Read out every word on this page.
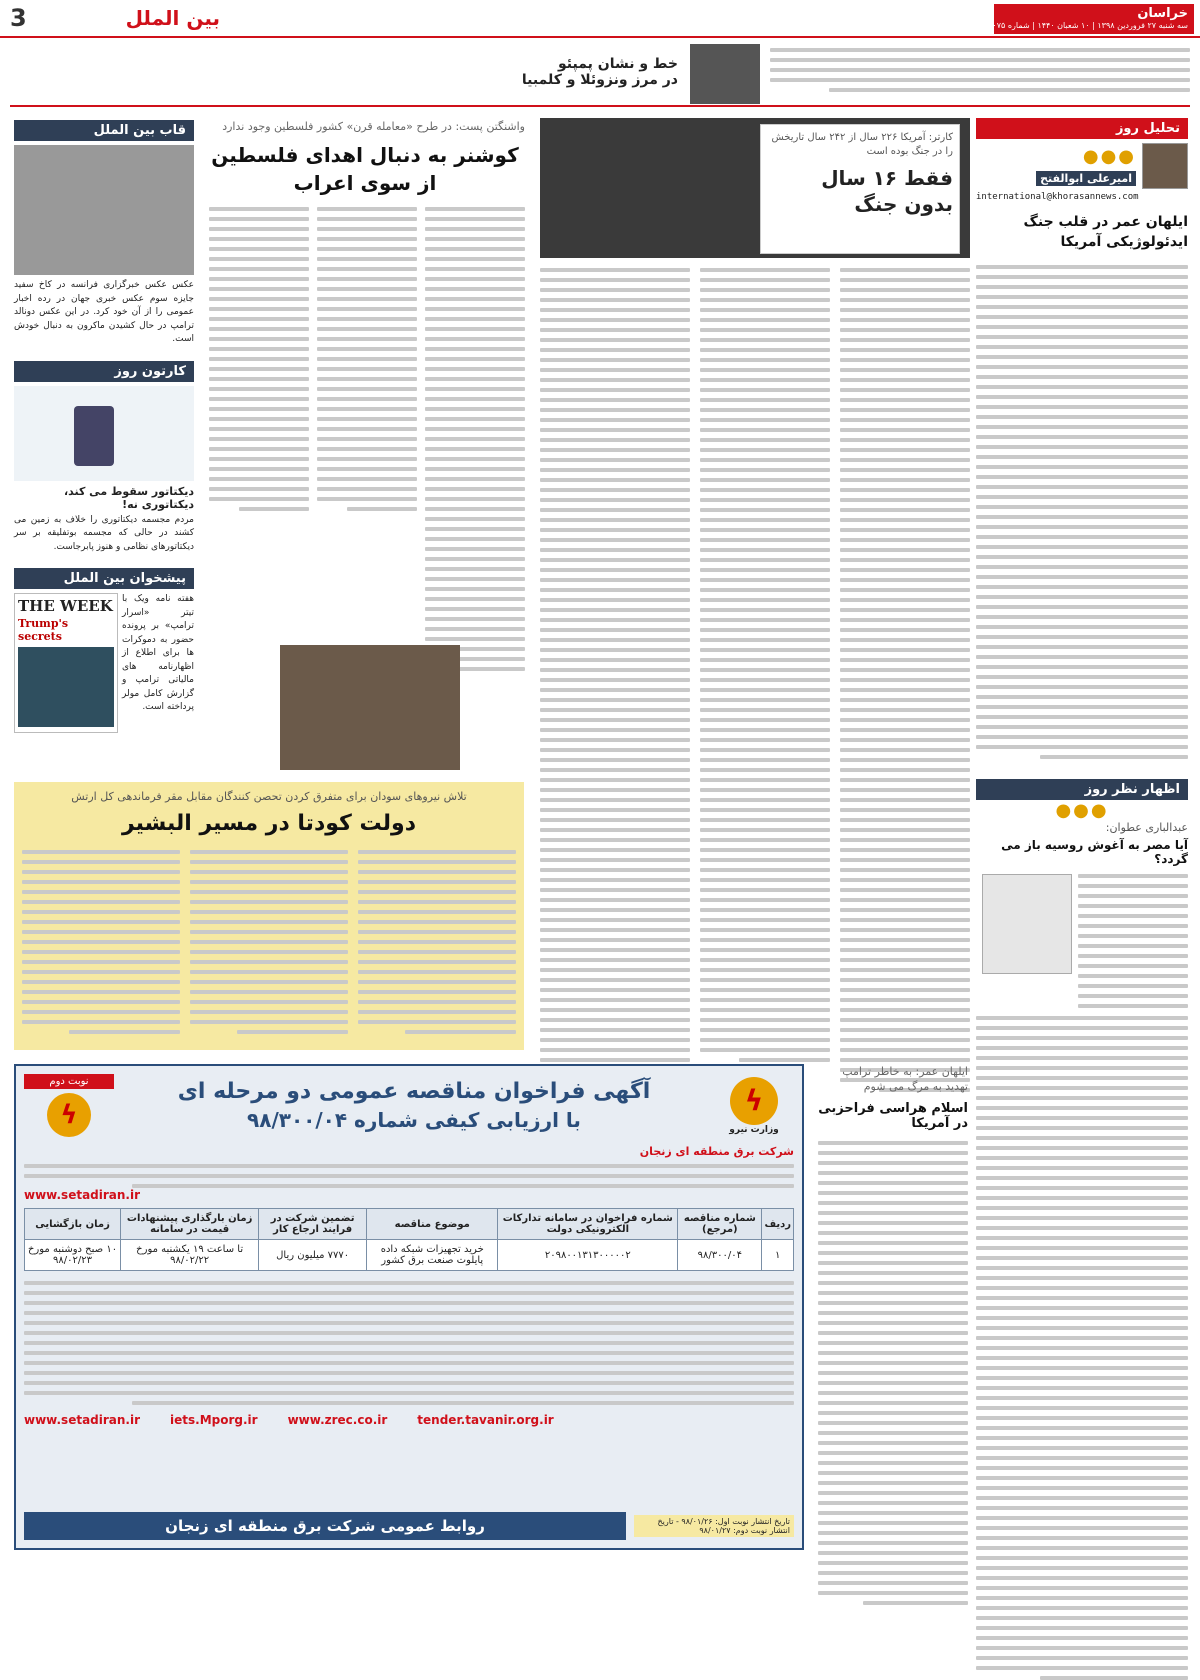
خراسان
سه شنبه ۲۷ فروردین ۱۳۹۸ | ۱۰ شعبان ۱۴۴۰ | شماره ۲۰۰۷۵
بین الملل
3
خط و نشان پمپئو
در مرز ونزوئلا و کلمبیا
قاب بین الملل
عکس عکس خبرگزاری فرانسه در کاخ سفید جایزه سوم عکس خبری جهان در رده اخبار عمومی را از آن خود کرد. در این عکس دونالد ترامپ در حال کشیدن ماکرون به دنبال خودش است.
کارتون روز
دیکتاتور سقوط می کند، دیکتاتوری نه!
مردم مجسمه دیکتاتوری را خلاف به زمین می کشند در حالی که مجسمه بوتفلیقه بر سر دیکتاتورهای نظامی و هنوز پابرجاست.
پیشخوان بین الملل
هفته نامه ویک با تیتر «اسرار ترامپ» بر پرونده حضور به دموکرات ها برای اطلاع از اظهارنامه های مالیاتی ترامپ و گزارش کامل مولر پرداخته است.
THE WEEK
Trump's secrets
واشنگتن پست: در طرح «معامله قرن» کشور فلسطین وجود ندارد
کوشنر به دنبال اهدای فلسطین از سوی اعراب
کارتر: آمریکا ۲۲۶ سال از ۲۴۲ سال تاریخش را در جنگ بوده است
فقط ۱۶ سال بدون جنگ
تلاش نیروهای سودان برای متفرق کردن تحصن کنندگان مقابل مقر فرماندهی کل ارتش
دولت کودتا در مسیر البشیر
تحلیل روز
●●●
امیرعلی ابوالفتح
international@khorasannews.com
ایلهان عمر در قلب جنگ ایدئولوژیکی آمریکا
اظهار نظر روز
●●●
عبدالباری عطوان:
آیا مصر به آغوش روسیه باز می گردد؟
ایلهان عمر: به خاطر ترامپ تهدید به مرگ می شوم
اسلام هراسی فراحزبی در آمریکا
ϟ
وزارت نیرو
آگهی فراخوان مناقصه عمومی دو مرحله ای
با ارزیابی کیفی شماره ۹۸/۳۰۰/۰۴
نوبت دوم
ϟ
شرکت برق منطقه ای زنجان
www.setadiran.ir
ردیف	شماره مناقصه (مرجع)	شماره فراخوان در سامانه تدارکات الکترونیکی دولت	موضوع مناقصه	تضمین شرکت در فرایند ارجاع کار	زمان بارگذاری پیشنهادات قیمت در سامانه	زمان بازگشایی
۱	۹۸/۳۰۰/۰۴	۲۰۹۸۰۰۱۳۱۳۰۰۰۰۰۲	خرید تجهیزات شبکه داده پایلوت صنعت برق کشور	۷۷۷۰ میلیون ریال	تا ساعت ۱۹ یکشنبه مورخ ۹۸/۰۲/۲۲	۱۰ صبح دوشنبه مورخ ۹۸/۰۲/۲۳
www.setadiran.ir	iets.Mporg.ir	www.zrec.co.ir	tender.tavanir.org.ir
تاریخ انتشار نوبت اول: ۹۸/۰۱/۲۶ - تاریخ انتشار نوبت دوم: ۹۸/۰۱/۲۷
روابط عمومی شرکت برق منطقه ای زنجان
